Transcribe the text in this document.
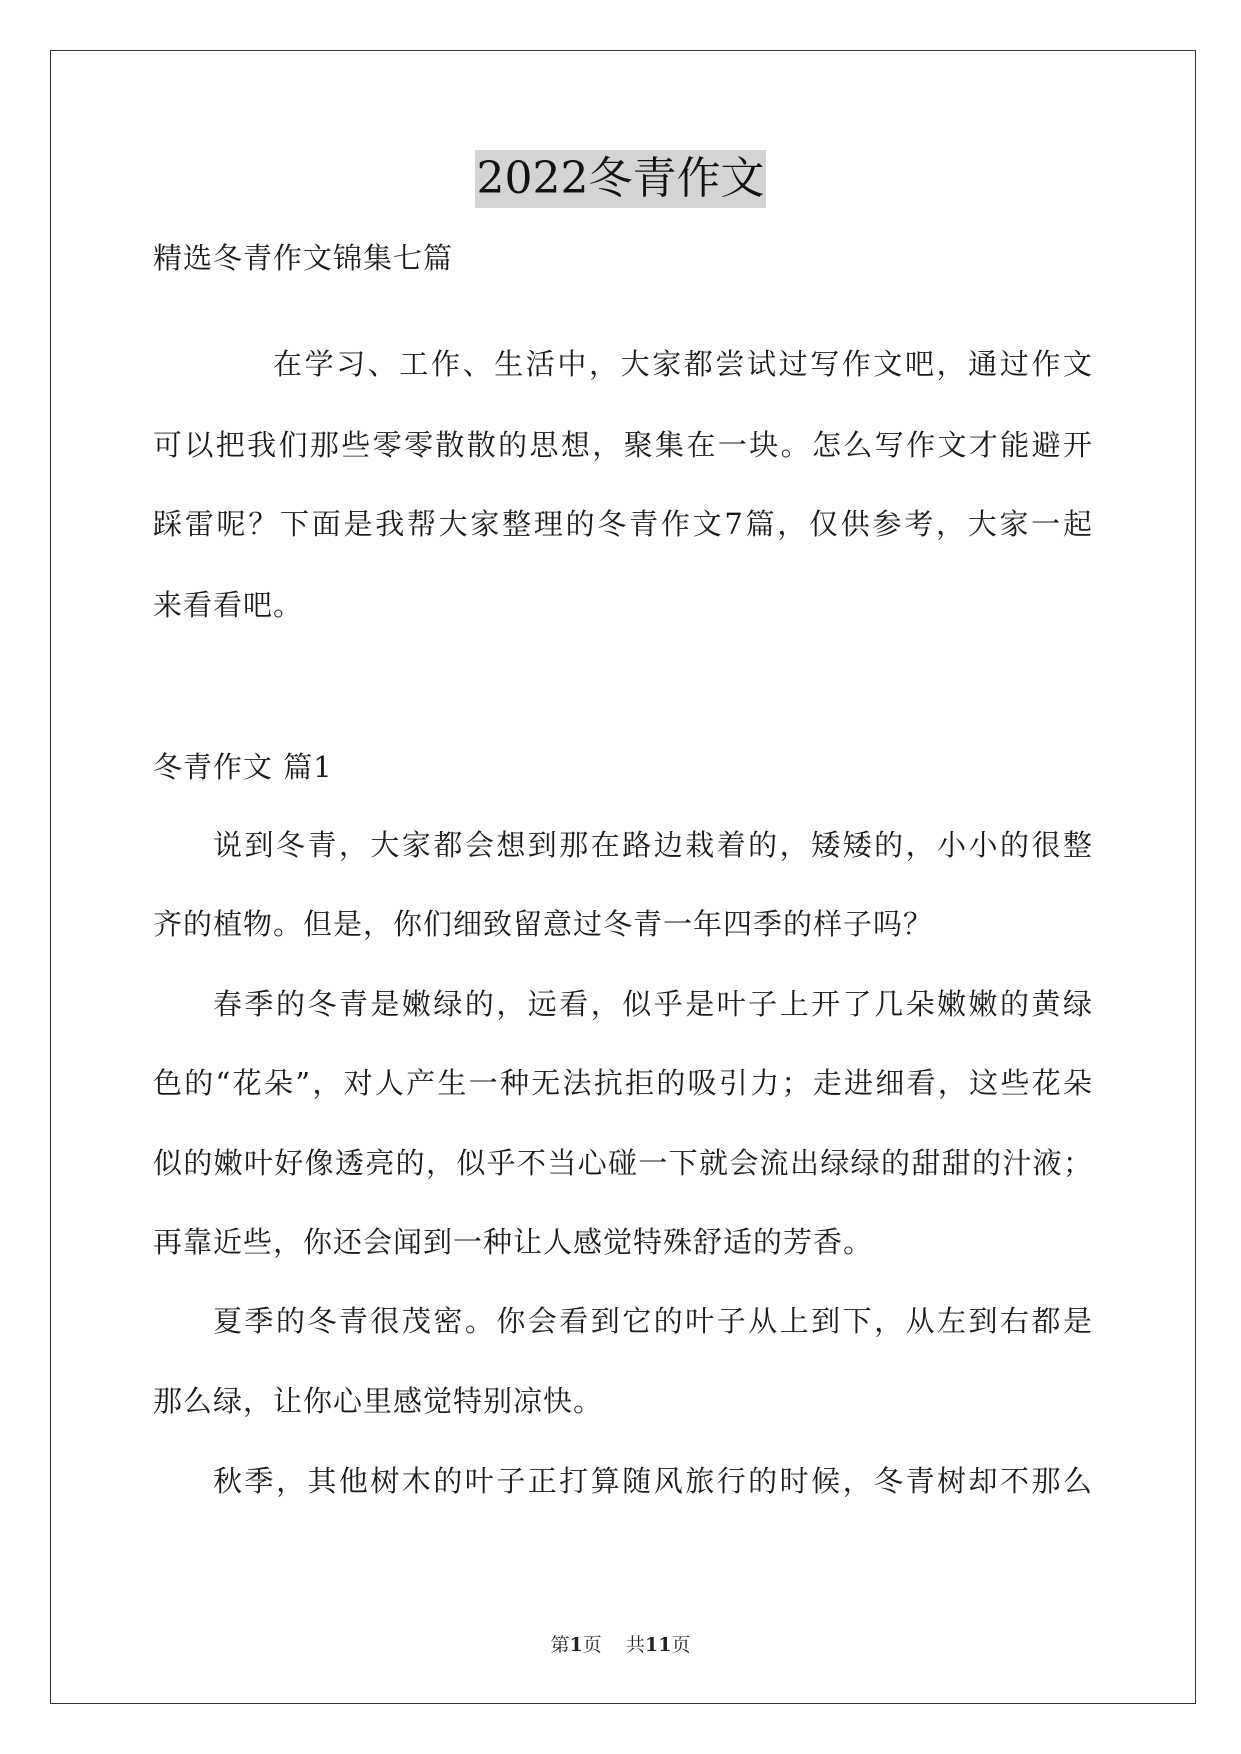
2022冬青作文
精选冬青作文锦集七篇
在学习、工作、生活中，大家都尝试过写作文吧，通过作文
可以把我们那些零零散散的思想，聚集在一块。怎么写作文才能避开
踩雷呢？下面是我帮大家整理的冬青作文7篇，仅供参考，大家一起
来看看吧。
冬青作文 篇1
说到冬青，大家都会想到那在路边栽着的，矮矮的，小小的很整
齐的植物。但是，你们细致留意过冬青一年四季的样子吗？
春季的冬青是嫩绿的，远看，似乎是叶子上开了几朵嫩嫩的黄绿
色的“花朵”，对人产生一种无法抗拒的吸引力；走进细看，这些花朵
似的嫩叶好像透亮的，似乎不当心碰一下就会流出绿绿的甜甜的汁液；
再靠近些，你还会闻到一种让人感觉特殊舒适的芳香。
夏季的冬青很茂密。你会看到它的叶子从上到下，从左到右都是
那么绿，让你心里感觉特别凉快。
秋季，其他树木的叶子正打算随风旅行的时候，冬青树却不那么
第1页 共11页
